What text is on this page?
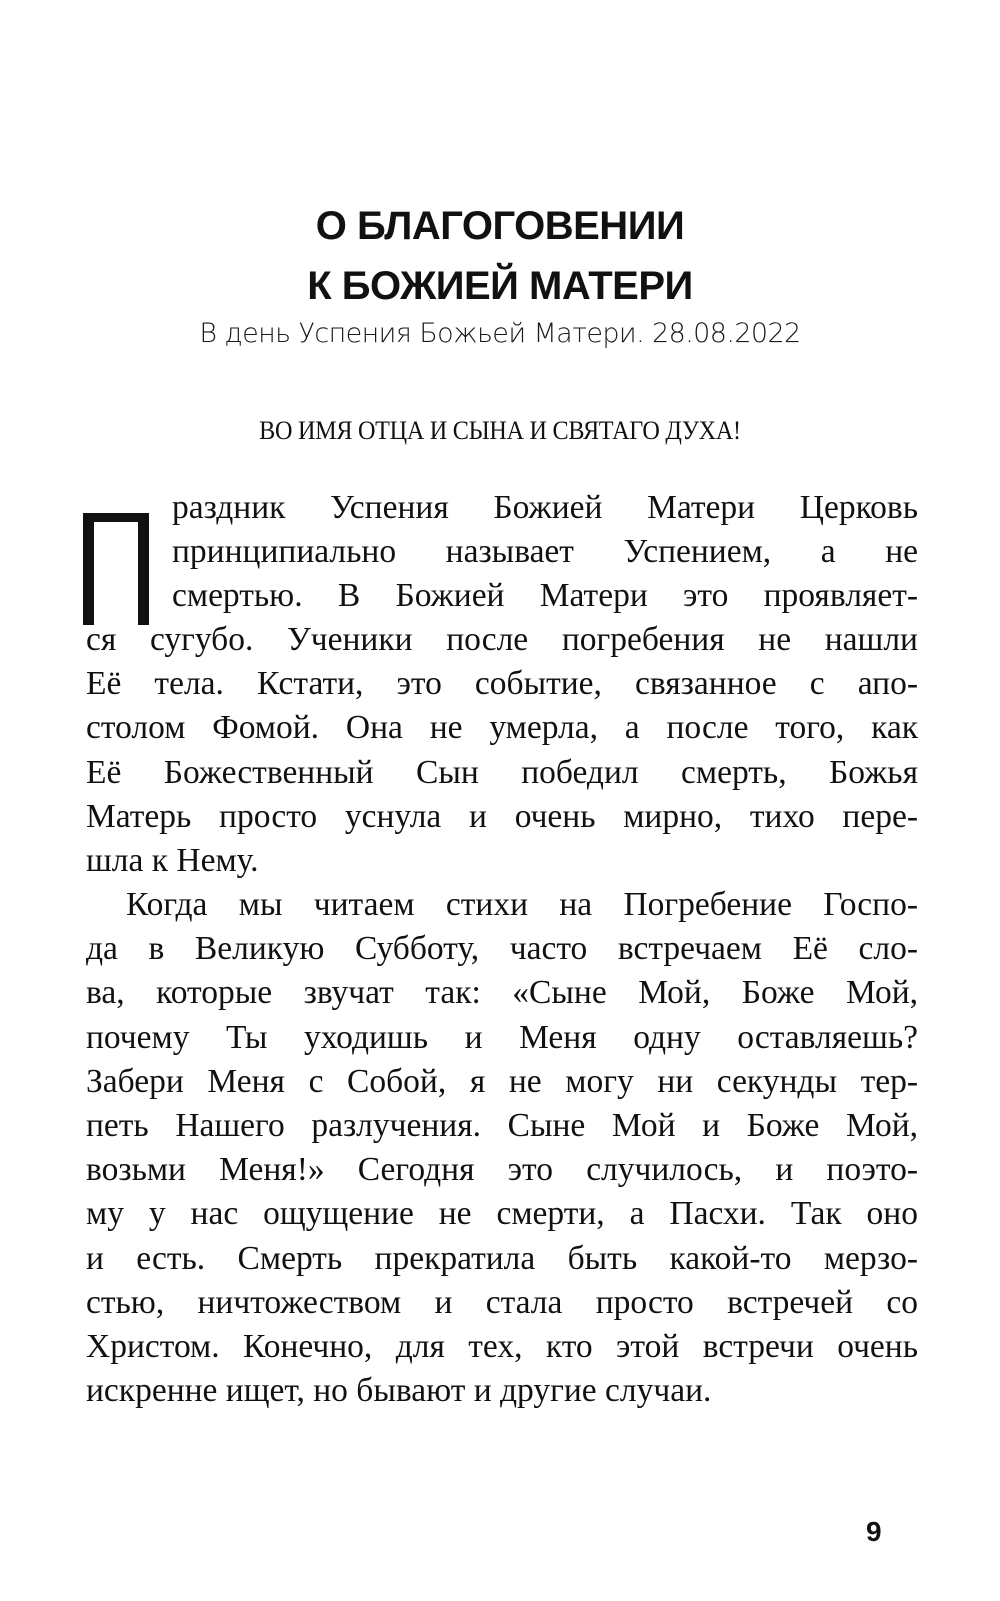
О БЛАГОГОВЕНИИ
К БОЖИЕЙ МАТЕРИ
В день Успения Божьей Матери. 28.08.2022
ВО ИМЯ ОТЦА И СЫНА И СВЯТАГО ДУХА!
раздник Успения Божией Матери Церковь
принципиально называет Успением, а не
смертью. В Божией Матери это проявляет-
ся сугубо. Ученики после погребения не нашли
Её тела. Кстати, это событие, связанное с апо-
столом Фомой. Она не умерла, а после того, как
Её Божественный Сын победил смерть, Божья
Матерь просто уснула и очень мирно, тихо пере-
шла к Нему.
Когда мы читаем стихи на Погребение Госпо-
да в Великую Субботу, часто встречаем Её сло-
ва, которые звучат так: «Сыне Мой, Боже Мой,
почему Ты уходишь и Меня одну оставляешь?
Забери Меня с Собой, я не могу ни секунды тер-
петь Нашего разлучения. Сыне Мой и Боже Мой,
возьми Меня!» Сегодня это случилось, и поэто-
му у нас ощущение не смерти, а Пасхи. Так оно
и есть. Смерть прекратила быть какой-то мерзо-
стью, ничтожеством и стала просто встречей со
Христом. Конечно, для тех, кто этой встречи очень
искренне ищет, но бывают и другие случаи.
9
